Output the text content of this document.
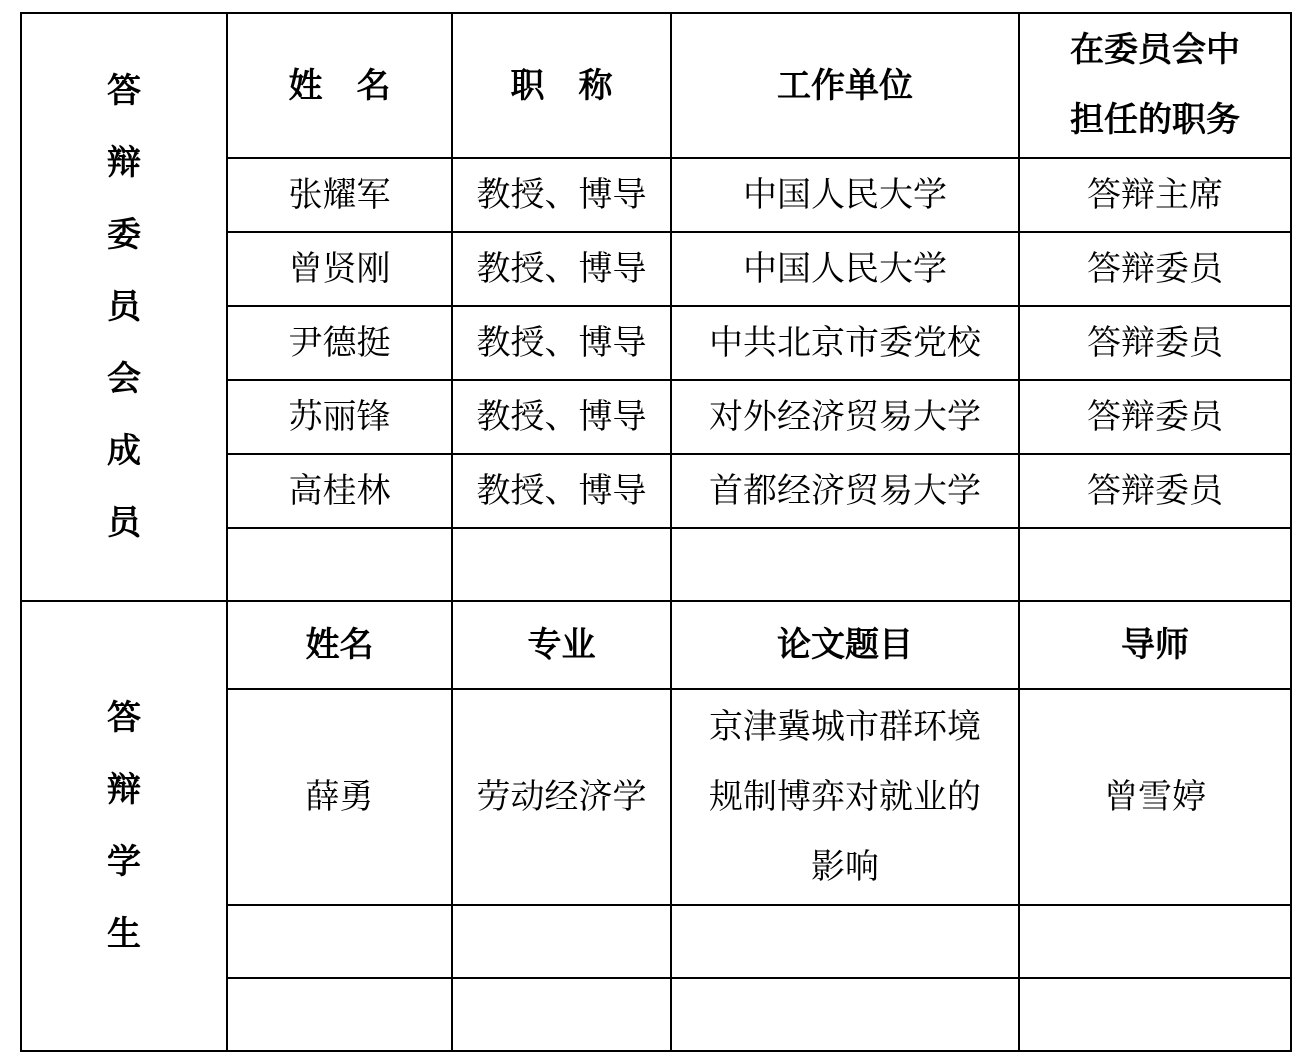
答辩委员会成员	姓　名	职　称	工作单位	在委员会中担任的职务
	张耀军	教授、博导	中国人民大学	答辩主席
	曾贤刚	教授、博导	中国人民大学	答辩委员
	尹德挺	教授、博导	中共北京市委党校	答辩委员
	苏丽锋	教授、博导	对外经济贸易大学	答辩委员
	高桂林	教授、博导	首都经济贸易大学	答辩委员

答辩学生	姓名	专业	论文题目	导师
	薛勇	劳动经济学	京津冀城市群环境规制博弈对就业的影响	曾雪婷
